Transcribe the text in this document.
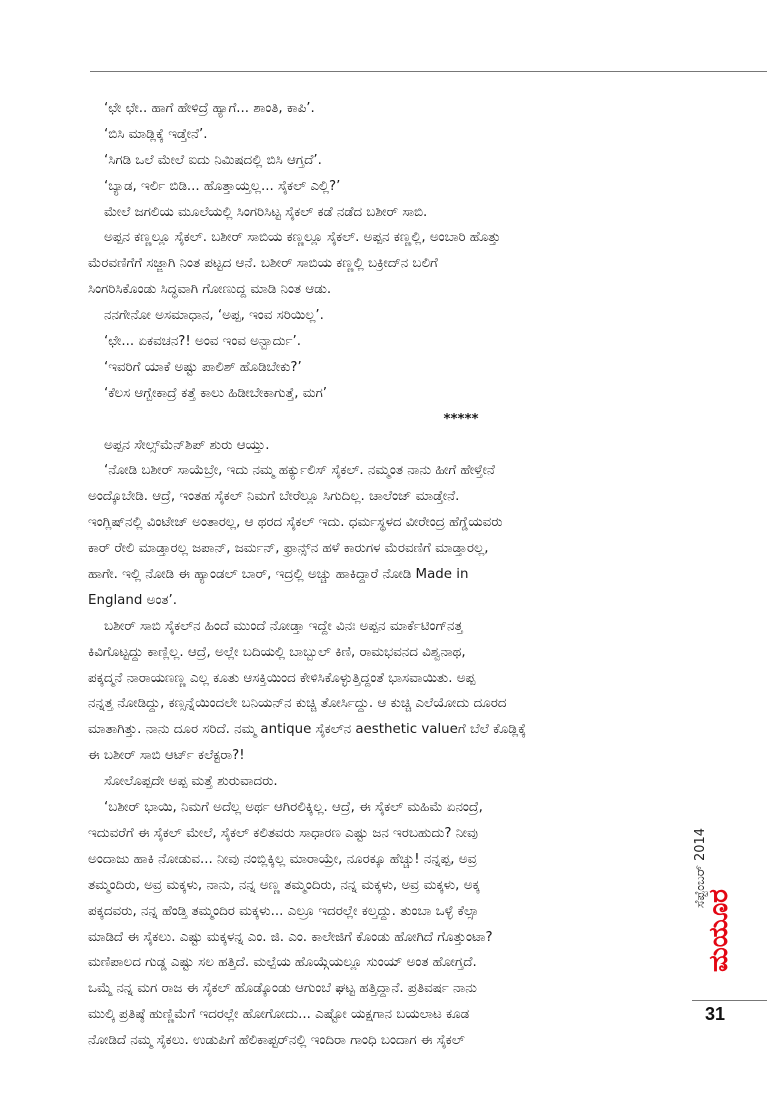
‘ಛೇ ಛೇ.. ಹಾಗೆ ಹೇಳಿದ್ರೆ ಹ್ಯಾಗೆ... ಶಾಂತಿ, ಕಾಪಿ’.
‘ಬಿಸಿ ಮಾಡ್ಲಿಕ್ಕೆ ಇಡ್ತೇನೆ’.
‘ಸಿಗಡಿ ಒಲೆ ಮೇಲೆ ಐದು ನಿಮಿಷದಲ್ಲಿ ಬಿಸಿ ಆಗ್ತದೆ’.
‘ಬ್ಯಾಡ, ಇರ್ಲಿ ಬಿಡಿ... ಹೊತ್ತಾಯ್ತಲ್ಲ... ಸೈಕಲ್ ಎಲ್ಲಿ?’
ಮೇಲೆ ಜಗಲಿಯ ಮೂಲೆಯಲ್ಲಿ ಸಿಂಗರಿಸಿಟ್ಟ ಸೈಕಲ್ ಕಡೆ ನಡೆದ ಬಶೀರ್ ಸಾಬಿ.
ಅಪ್ಪನ ಕಣ್ಣಲ್ಲೂ ಸೈಕಲ್. ಬಶೀರ್ ಸಾಬಿಯ ಕಣ್ಣಲ್ಲೂ ಸೈಕಲ್. ಅಪ್ಪನ ಕಣ್ಣಲ್ಲಿ, ಅಂಬಾರಿ ಹೊತ್ತು
ಮೆರವಣಿಗೆಗೆ ಸಜ್ಜಾಗಿ ನಿಂತ ಪಟ್ಟದ ಆನೆ. ಬಶೀರ್ ಸಾಬಿಯ ಕಣ್ಣಲ್ಲಿ ಬಕ್ರೀದ್‌ನ ಬಲಿಗೆ
ಸಿಂಗರಿಸಿಕೊಂಡು ಸಿದ್ಧವಾಗಿ ಗೋಣುದ್ದ ಮಾಡಿ ನಿಂತ ಆಡು.
ನನಗೇನೋ ಅಸಮಾಧಾನ, ‘ಅಪ್ಪ, ಇಂವ ಸರಿಯಿಲ್ಲ’.
‘ಛೇ... ಏಕವಚನ?! ಅಂವ ಇಂವ ಅನ್ಬಾರ್ದು’.
‘ಇವರಿಗೆ ಯಾಕೆ ಅಷ್ಟು ಪಾಲಿಶ್ ಹೊಡಿಬೇಕು?’
‘ಕೆಲಸ ಆಗ್ಬೇಕಾದ್ರೆ ಕತ್ತೆ ಕಾಲು ಹಿಡೀಬೇಕಾಗುತ್ತೆ, ಮಗ’
*****
ಅಪ್ಪನ ಸೇಲ್ಸ್‌ಮೆನ್‌ಶಿಪ್ ಶುರು ಆಯ್ತು.
‘ನೋಡಿ ಬಶೀರ್ ಸಾಯೆಬ್ರೇ, ಇದು ನಮ್ಮ ಹರ್ಕ್ಯುಲಿಸ್ ಸೈಕಲ್. ನಮ್ಮಂತ ನಾನು ಹೀಗೆ ಹೇಳ್ತೇನೆ
ಅಂದ್ಕೊಬೇಡಿ. ಆದ್ರೆ, ಇಂತಹ ಸೈಕಲ್ ನಿಮಗೆ ಬೇರೆಲ್ಲೂ ಸಿಗುದಿಲ್ಲ. ಚಾಲೆಂಜ್ ಮಾಡ್ತೇನೆ.
ಇಂಗ್ಲಿಷ್‌ನಲ್ಲಿ ವಿಂಟೇಜ್ ಅಂತಾರಲ್ಲ, ಆ ಥರದ ಸೈಕಲ್ ಇದು. ಧರ್ಮಸ್ಥಳದ ವೀರೇಂದ್ರ ಹೆಗ್ಡೆಯವರು
ಕಾರ್ ರೇಲಿ ಮಾಡ್ತಾರಲ್ಲ ಜಪಾನ್, ಜರ್ಮನ್, ಫ್ರಾನ್ಸ್‌ನ ಹಳೆ ಕಾರುಗಳ ಮೆರವಣಿಗೆ ಮಾಡ್ತಾರಲ್ಲ,
ಹಾಗೇ. ಇಲ್ಲಿ ನೋಡಿ ಈ ಹ್ಯಾಂಡಲ್ ಬಾರ್, ಇದ್ರಲ್ಲಿ ಅಚ್ಚು ಹಾಕಿದ್ದಾರೆ ನೋಡಿ Made in
England ಅಂತ’.
ಬಶೀರ್ ಸಾಬಿ ಸೈಕಲ್‌ನ ಹಿಂದೆ ಮುಂದೆ ನೋಡ್ತಾ ಇದ್ದೇ ವಿನಃ ಅಪ್ಪನ ಮಾರ್ಕೆಟಿಂಗ್‌ನತ್ತ
ಕಿವಿಗೊಟ್ಟದ್ದು ಕಾಣ್ಲಿಲ್ಲ. ಆದ್ರೆ, ಅಲ್ಲೇ ಬದಿಯಲ್ಲಿ ಬಾಬ್ಬುಲ್ ಕಿಣಿ, ರಾಮಭವನದ ವಿಶ್ವನಾಥ,
ಪಕ್ಕದ್ಮನೆ ನಾರಾಯಣಣ್ಣ ಎಲ್ಲ ಕೂತು ಆಸಕ್ತಿಯಿಂದ ಕೇಳಿಸಿಕೊಳ್ಳುತ್ತಿದ್ದಂತೆ ಭಾಸವಾಯಿತು. ಅಪ್ಪ
ನನ್ನತ್ತ ನೋಡಿದ್ದು, ಕಣ್ಸನ್ನೆಯಿಂದಲೇ ಬನಿಯನ್‌ನ ಕುಚ್ಚಿ ತೋರ್ಸಿದ್ದು. ಆ ಕುಚ್ಚಿ ಎಲೆಯೋದು ದೂರದ
ಮಾತಾಗಿತ್ತು. ನಾನು ದೂರ ಸರಿದೆ. ನಮ್ಮ antique ಸೈಕಲ್‌ನ aesthetic valueಗೆ ಬೆಲೆ ಕೊಡ್ಲಿಕ್ಕೆ
ಈ ಬಶೀರ್ ಸಾಬಿ ಆರ್ಟ್ ಕಲೆಕ್ಟರಾ?!
ಸೋಲೊಪ್ಪದೇ ಅಪ್ಪ ಮತ್ತೆ ಶುರುವಾದರು.
‘ಬಶೀರ್ ಭಾಯಿ, ನಿಮಗೆ ಅದೆಲ್ಲ ಅರ್ಥ ಆಗಿರಲಿಕ್ಕಿಲ್ಲ. ಆದ್ರೆ, ಈ ಸೈಕಲ್ ಮಹಿಮೆ ಏನಂದ್ರೆ,
ಇದುವರೆಗೆ ಈ ಸೈಕಲ್ ಮೇಲೆ, ಸೈಕಲ್ ಕಲಿತವರು ಸಾಧಾರಣ ಎಷ್ಟು ಜನ ಇರಬಹುದು? ನೀವು
ಅಂದಾಜು ಹಾಕಿ ನೋಡುವ... ನೀವು ನಂಬ್ಲಿಕ್ಕಿಲ್ಲ ಮಾರಾಯ್ರೇ, ನೂರಕ್ಕೂ ಹೆಚ್ಚು! ನನ್ನಪ್ಪ, ಅವ್ರ
ತಮ್ಮಂದಿರು, ಅವ್ರ ಮಕ್ಕಳು, ನಾನು, ನನ್ನ ಅಣ್ಣ ತಮ್ಮಂದಿರು, ನನ್ನ ಮಕ್ಕಳು, ಅವ್ರ ಮಕ್ಕಳು, ಅಕ್ಕ
ಪಕ್ಕದವರು, ನನ್ನ ಹೆಂಡ್ತಿ ತಮ್ಮಂದಿರ ಮಕ್ಕಳು... ಎಲ್ರೂ ಇದರಲ್ಲೇ ಕಲ್ತದ್ದು. ತುಂಬಾ ಒಳ್ಳೆ ಕೆಲ್ಸಾ
ಮಾಡಿದೆ ಈ ಸೈಕಲು. ಎಷ್ಟು ಮಕ್ಕಳನ್ನ ಎಂ. ಜಿ. ಎಂ. ಕಾಲೇಜಿಗೆ ಕೊಂಡು ಹೋಗಿದೆ ಗೊತ್ತುಂಟಾ?
ಮಣಿಪಾಲದ ಗುಡ್ಡ ಎಷ್ಟು ಸಲ ಹತ್ತಿದೆ. ಮಲ್ಪೆಯ ಹೊಯ್ಗೆಯಲ್ಲೂ ಸುಂಯ್ ಅಂತ ಹೋಗ್ತದೆ.
ಒಮ್ಮೆ ನನ್ನ ಮಗ ರಾಜ ಈ ಸೈಕಲ್ ಹೊಡ್ಕೊಂಡು ಆಗುಂಬೆ ಘಟ್ಟ ಹತ್ತಿದ್ದಾನೆ. ಪ್ರತಿವರ್ಷ ನಾನು
ಮುಲ್ಕಿ ಪ್ರತಿಷ್ಠೆ ಹುಣ್ಣಿಮೆಗೆ ಇದರಲ್ಲೇ ಹೋಗೋದು... ಎಷ್ಟೋ ಯಕ್ಷಗಾನ ಬಯಲಾಟ ಕೂಡ
ನೋಡಿದೆ ನಮ್ಮ ಸೈಕಲು. ಉಡುಪಿಗೆ ಹೆಲಿಕಾಪ್ಟರ್‌ನಲ್ಲಿ ಇಂದಿರಾ ಗಾಂಧಿ ಬಂದಾಗ ಈ ಸೈಕಲ್
ಸೆಪ್ಟೆಂಬರ್ 2014
ಮಯೂರ
31
